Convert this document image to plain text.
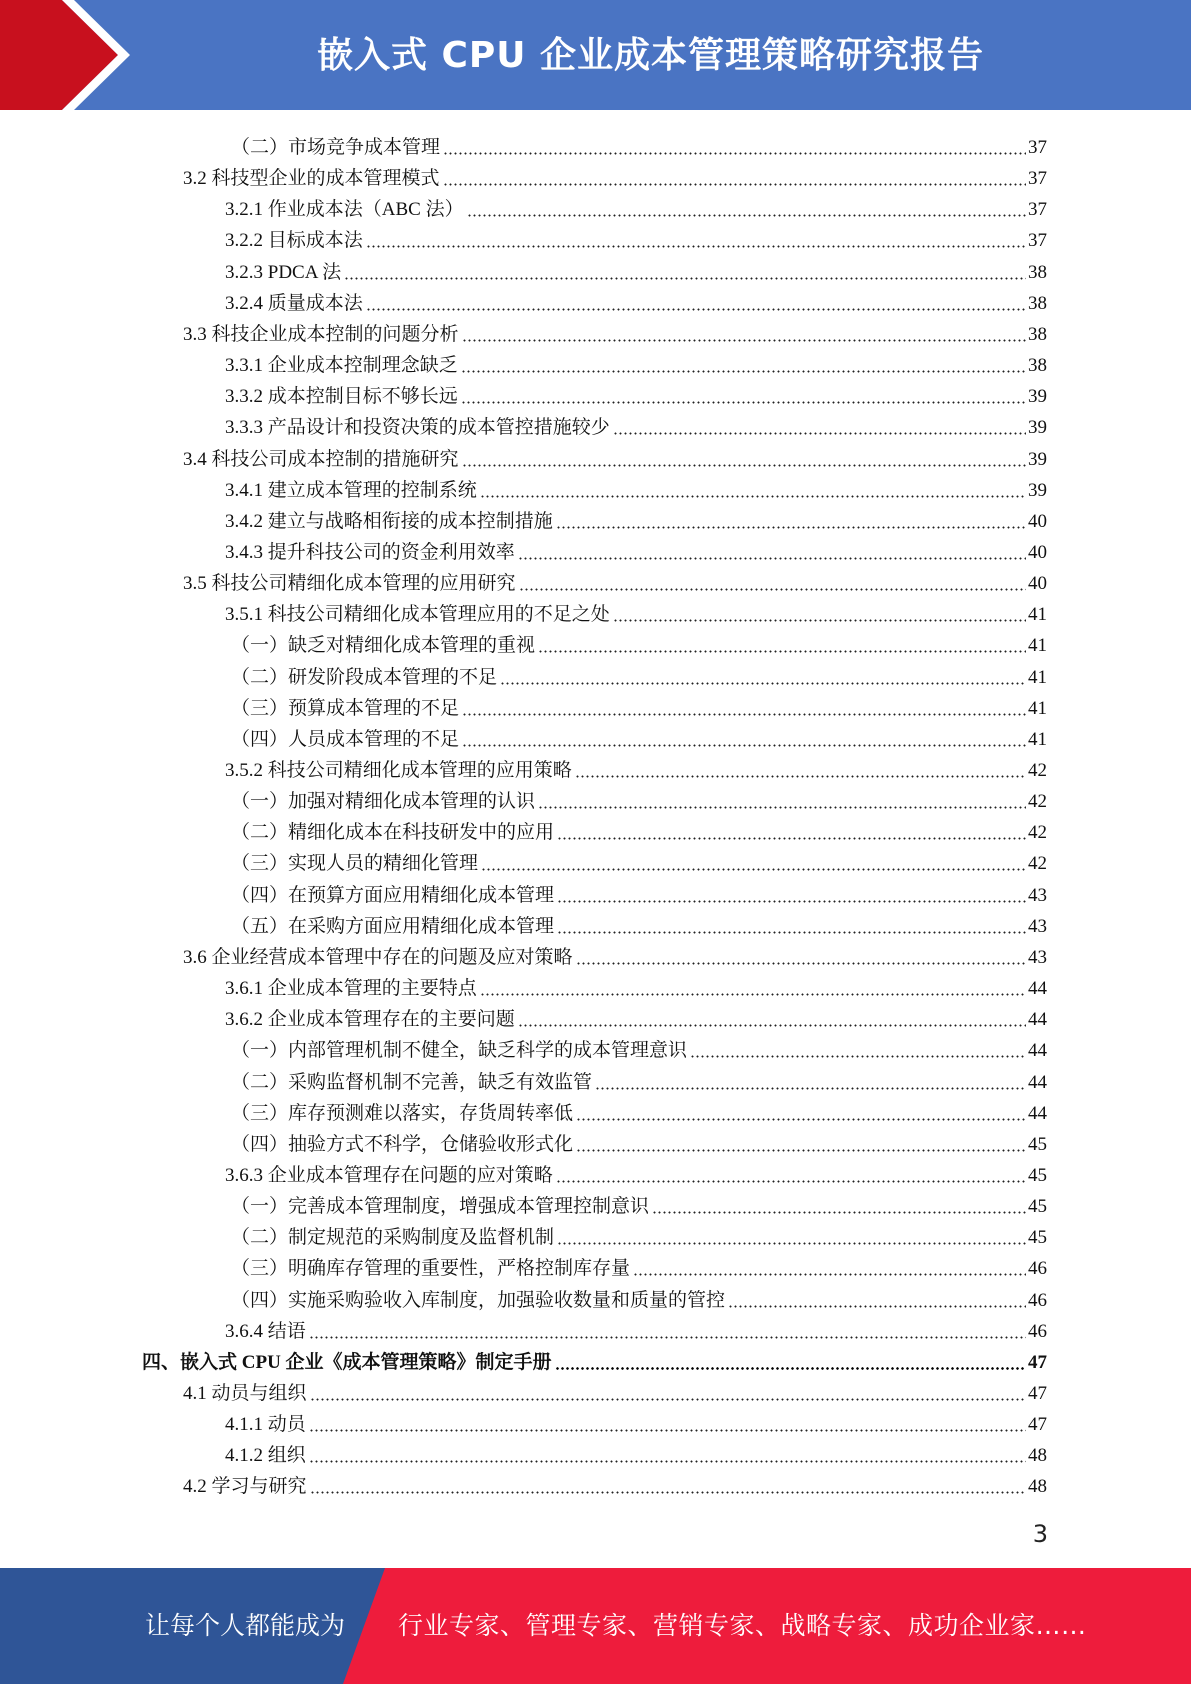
嵌入式 CPU 企业成本管理策略研究报告
（二）市场竞争成本管理	37
3.2 科技型企业的成本管理模式	37
3.2.1 作业成本法（ABC 法）	37
3.2.2 目标成本法	37
3.2.3 PDCA 法	38
3.2.4 质量成本法	38
3.3 科技企业成本控制的问题分析	38
3.3.1 企业成本控制理念缺乏	38
3.3.2 成本控制目标不够长远	39
3.3.3 产品设计和投资决策的成本管控措施较少	39
3.4 科技公司成本控制的措施研究	39
3.4.1 建立成本管理的控制系统	39
3.4.2 建立与战略相衔接的成本控制措施	40
3.4.3 提升科技公司的资金利用效率	40
3.5 科技公司精细化成本管理的应用研究	40
3.5.1 科技公司精细化成本管理应用的不足之处	41
（一）缺乏对精细化成本管理的重视	41
（二）研发阶段成本管理的不足	41
（三）预算成本管理的不足	41
（四）人员成本管理的不足	41
3.5.2 科技公司精细化成本管理的应用策略	42
（一）加强对精细化成本管理的认识	42
（二）精细化成本在科技研发中的应用	42
（三）实现人员的精细化管理	42
（四）在预算方面应用精细化成本管理	43
（五）在采购方面应用精细化成本管理	43
3.6 企业经营成本管理中存在的问题及应对策略	43
3.6.1 企业成本管理的主要特点	44
3.6.2 企业成本管理存在的主要问题	44
（一）内部管理机制不健全，缺乏科学的成本管理意识	44
（二）采购监督机制不完善，缺乏有效监管	44
（三）库存预测难以落实，存货周转率低	44
（四）抽验方式不科学，仓储验收形式化	45
3.6.3 企业成本管理存在问题的应对策略	45
（一）完善成本管理制度，增强成本管理控制意识	45
（二）制定规范的采购制度及监督机制	45
（三）明确库存管理的重要性，严格控制库存量	46
（四）实施采购验收入库制度，加强验收数量和质量的管控	46
3.6.4 结语	46
四、嵌入式 CPU 企业《成本管理策略》制定手册	47
4.1 动员与组织	47
4.1.1 动员	47
4.1.2 组织	48
4.2 学习与研究	48
3
让每个人都能成为 行业专家、管理专家、营销专家、战略专家、成功企业家……
